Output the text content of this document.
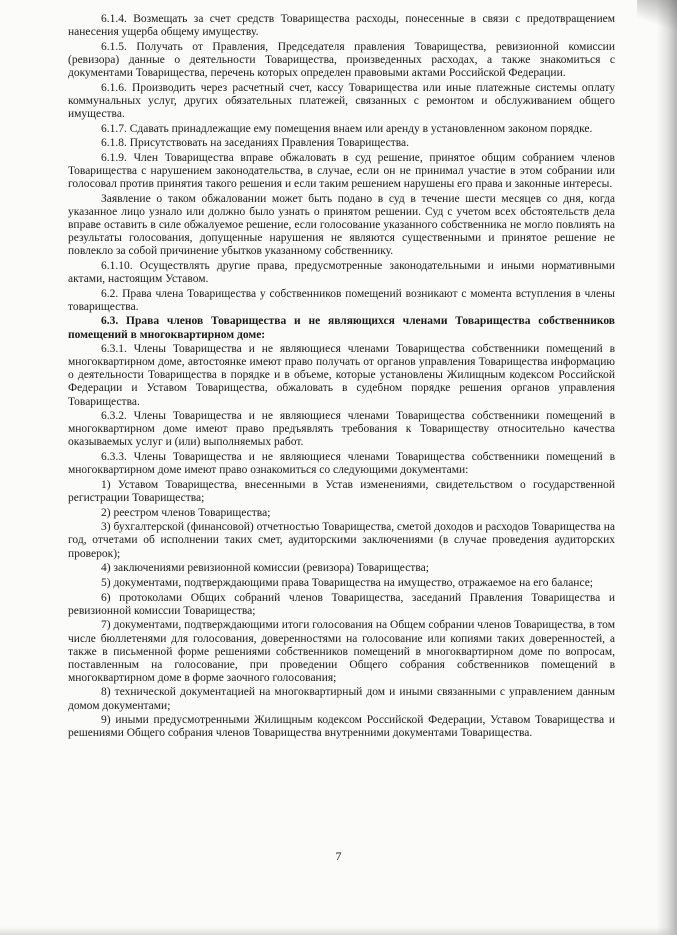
6.1.4. Возмещать за счет средств Товарищества расходы, понесенные в связи с предотвращением нанесения ущерба общему имуществу.

6.1.5. Получать от Правления, Председателя правления Товарищества, ревизионной комиссии (ревизора) данные о деятельности Товарищества, произведенных расходах, а также знакомиться с документами Товарищества, перечень которых определен правовыми актами Российской Федерации.

6.1.6. Производить через расчетный счет, кассу Товарищества или иные платежные системы оплату коммунальных услуг, других обязательных платежей, связанных с ремонтом и обслуживанием общего имущества.

6.1.7. Сдавать принадлежащие ему помещения внаем или аренду в установленном законом порядке.

6.1.8. Присутствовать на заседаниях Правления Товарищества.

6.1.9. Член Товарищества вправе обжаловать в суд решение, принятое общим собранием членов Товарищества с нарушением законодательства, в случае, если он не принимал участие в этом собрании или голосовал против принятия такого решения и если таким решением нарушены его права и законные интересы.

Заявление о таком обжаловании может быть подано в суд в течение шести месяцев со дня, когда указанное лицо узнало или должно было узнать о принятом решении. Суд с учетом всех обстоятельств дела вправе оставить в силе обжалуемое решение, если голосование указанного собственника не могло повлиять на результаты голосования, допущенные нарушения не являются существенными и принятое решение не повлекло за собой причинение убытков указанному собственнику.

6.1.10. Осуществлять другие права, предусмотренные законодательными и иными нормативными актами, настоящим Уставом.

6.2. Права члена Товарищества у собственников помещений возникают с момента вступления в члены товарищества.

6.3. Права членов Товарищества и не являющихся членами Товарищества собственников помещений в многоквартирном доме:

6.3.1. Члены Товарищества и не являющиеся членами Товарищества собственники помещений в многоквартирном доме, автостоянке имеют право получать от органов управления Товарищества информацию о деятельности Товарищества в порядке и в объеме, которые установлены Жилищным кодексом Российской Федерации и Уставом Товарищества, обжаловать в судебном порядке решения органов управления Товарищества.

6.3.2. Члены Товарищества и не являющиеся членами Товарищества собственники помещений в многоквартирном доме имеют право предъявлять требования к Товариществу относительно качества оказываемых услуг и (или) выполняемых работ.

6.3.3. Члены Товарищества и не являющиеся членами Товарищества собственники помещений в многоквартирном доме имеют право ознакомиться со следующими документами:

1) Уставом Товарищества, внесенными в Устав изменениями, свидетельством о государственной регистрации Товарищества;

2) реестром членов Товарищества;

3) бухгалтерской (финансовой) отчетностью Товарищества, сметой доходов и расходов Товарищества на год, отчетами об исполнении таких смет, аудиторскими заключениями (в случае проведения аудиторских проверок);

4) заключениями ревизионной комиссии (ревизора) Товарищества;

5) документами, подтверждающими права Товарищества на имущество, отражаемое на его балансе;

6) протоколами Общих собраний членов Товарищества, заседаний Правления Товарищества и ревизионной комиссии Товарищества;

7) документами, подтверждающими итоги голосования на Общем собрании членов Товарищества, в том числе бюллетенями для голосования, доверенностями на голосование или копиями таких доверенностей, а также в письменной форме решениями собственников помещений в многоквартирном доме по вопросам, поставленным на голосование, при проведении Общего собрания собственников помещений в многоквартирном доме в форме заочного голосования;

8) технической документацией на многоквартирный дом и иными связанными с управлением данным домом документами;

9) иными предусмотренными Жилищным кодексом Российской Федерации, Уставом Товарищества и решениями Общего собрания членов Товарищества внутренними документами Товарищества.

7
